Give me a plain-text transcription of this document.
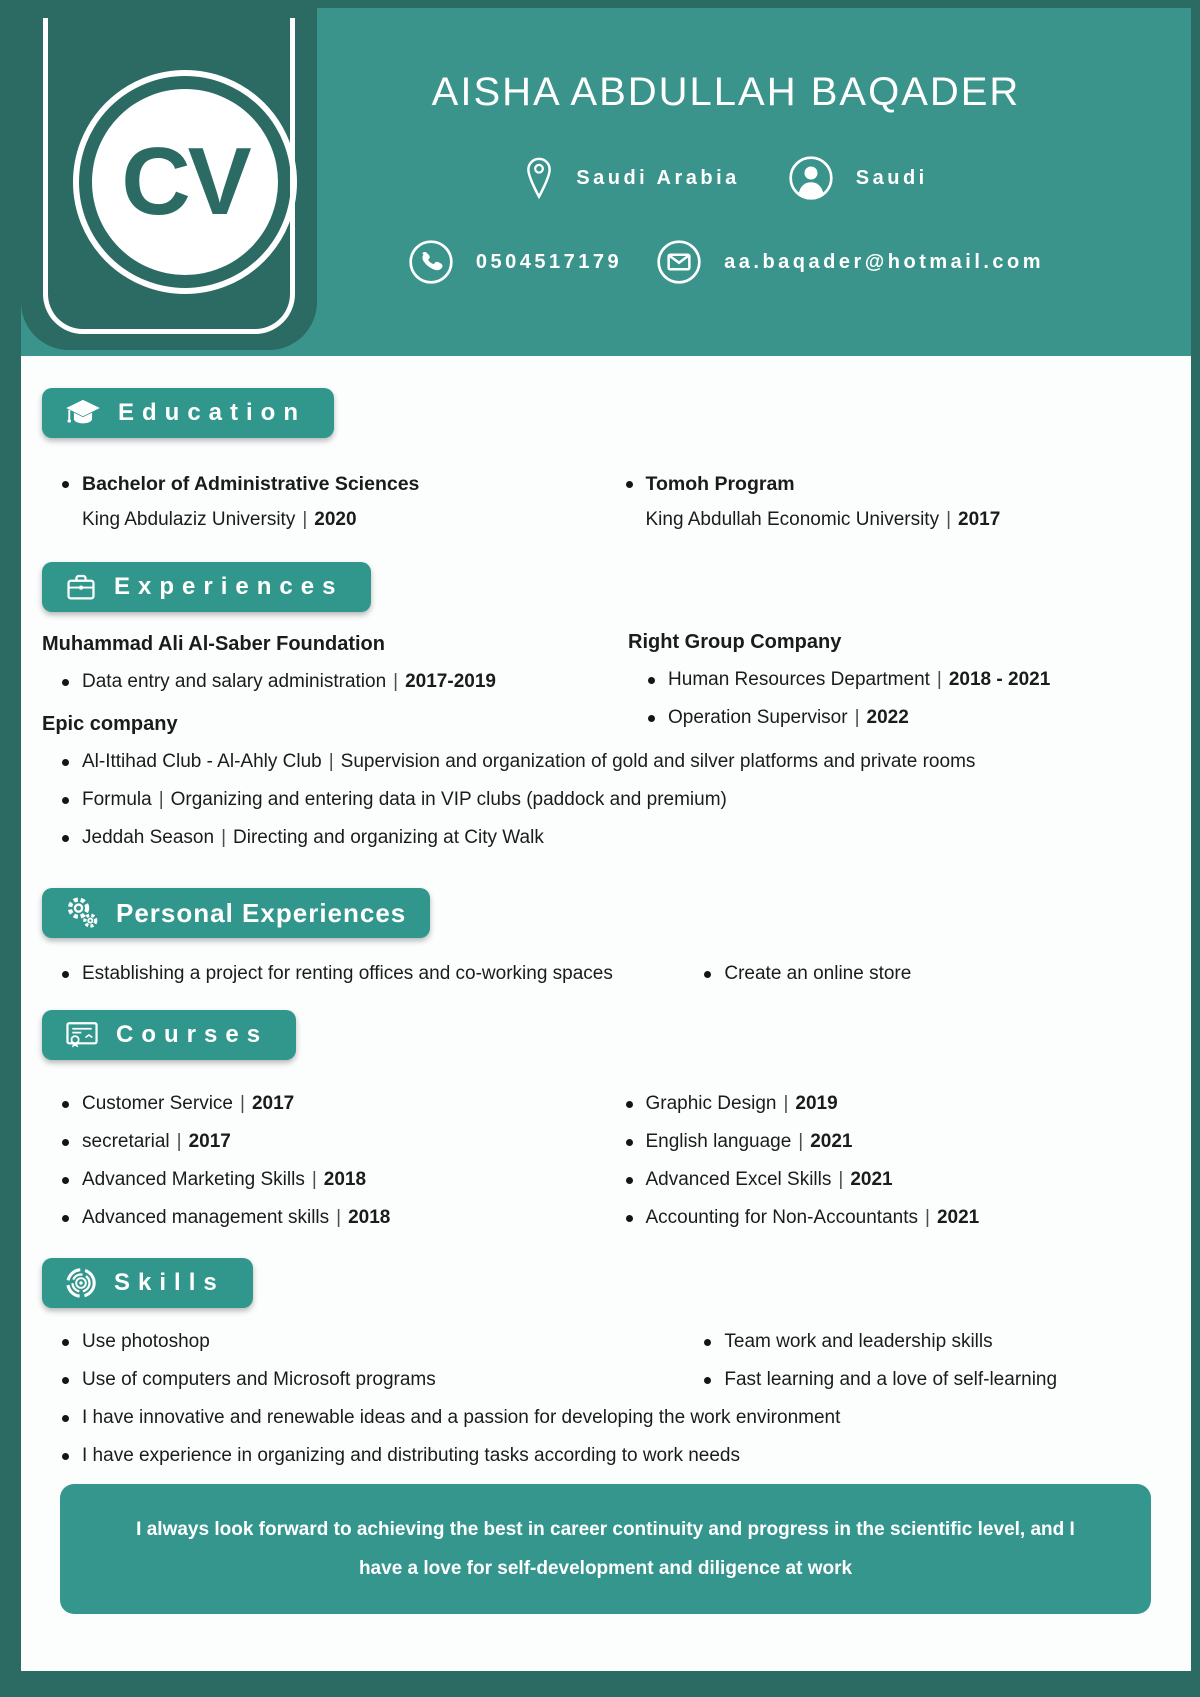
CV
AISHA ABDULLAH BAQADER
Saudi Arabia	Saudi
0504517179	aa.baqader@hotmail.com
Education
Bachelor of Administrative Sciences
King Abdulaziz University | 2020
Tomoh Program
King Abdullah Economic University | 2017
Experiences
Muhammad Ali Al-Saber Foundation
Data entry and salary administration | 2017-2019
Epic company
Right Group Company
Human Resources Department | 2018 - 2021
Operation Supervisor | 2022
Al-Ittihad Club - Al-Ahly Club | Supervision and organization of gold and silver platforms and private rooms
Formula | Organizing and entering data in VIP clubs (paddock and premium)
Jeddah Season | Directing and organizing at City Walk
Personal Experiences
Establishing a project for renting offices and co-working spaces	Create an online store
Courses
Customer Service | 2017
secretarial | 2017
Advanced Marketing Skills | 2018
Advanced management skills | 2018
Graphic Design | 2019
English language | 2021
Advanced Excel Skills | 2021
Accounting for Non-Accountants | 2021
Skills
Use photoshop
Use of computers and Microsoft programs
Team work and leadership skills
Fast learning and a love of self-learning
I have innovative and renewable ideas and a passion for developing the work environment
I have experience in organizing and distributing tasks according to work needs
I always look forward to achieving the best in career continuity and progress in the scientific level, and I have a love for self-development and diligence at work
